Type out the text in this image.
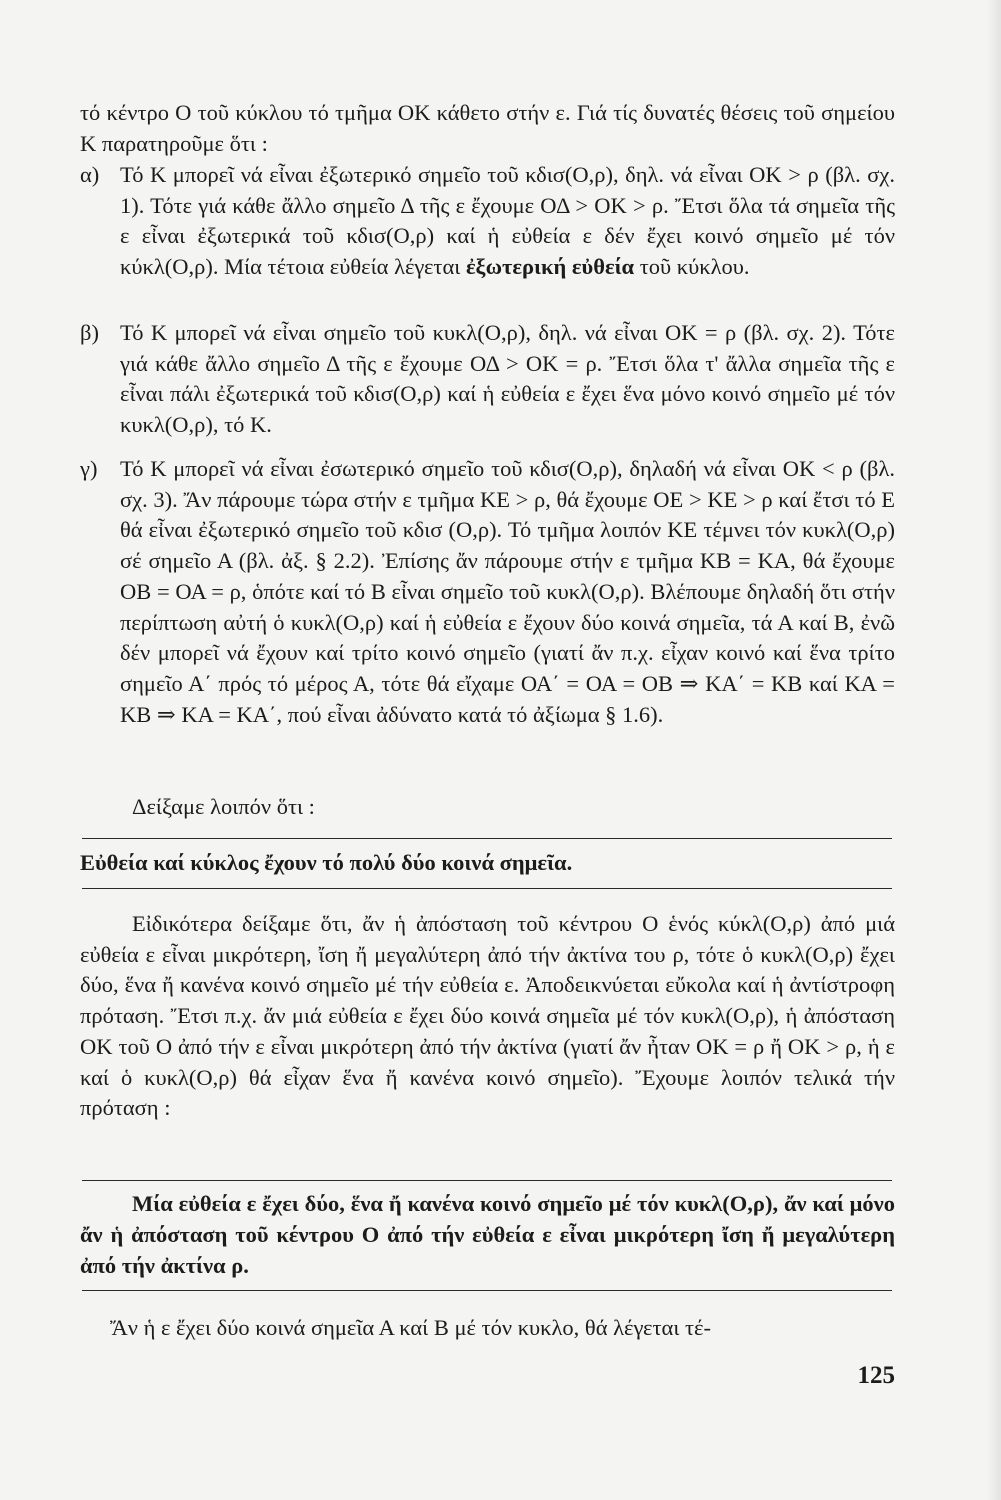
τό κέντρο Ο τοῦ κύκλου τό τμῆμα ΟΚ κάθετο στήν ε. Γιά τίς δυνατές θέσεις τοῦ σημείου Κ παρατηροῦμε ὅτι :

α) Τό Κ μπορεῖ νά εἶναι ἐξωτερικό σημεῖο τοῦ κδισ(Ο,ρ), δηλ. νά εἶναι ΟΚ > ρ (βλ. σχ. 1). Τότε γιά κάθε ἄλλο σημεῖο Δ τῆς ε ἔχουμε ΟΔ > ΟΚ > ρ. Ἔτσι ὅλα τά σημεῖα τῆς ε εἶναι ἐξωτερικά τοῦ κδισ(Ο,ρ) καί ἡ εὐθεία ε δέν ἔχει κοινό σημεῖο μέ τόν κύκλ(Ο,ρ). Μία τέτοια εὐθεία λέγεται ἐξωτερική εὐθεία τοῦ κύκλου.
β) Τό Κ μπορεῖ νά εἶναι σημεῖο τοῦ κυκλ(Ο,ρ), δηλ. νά εἶναι ΟΚ = ρ (βλ. σχ. 2). Τότε γιά κάθε ἄλλο σημεῖο Δ τῆς ε ἔχουμε ΟΔ > ΟΚ = ρ. Ἔτσι ὅλα τ' ἄλλα σημεῖα τῆς ε εἶναι πάλι ἐξωτερικά τοῦ κδισ(Ο,ρ) καί ἡ εὐθεία ε ἔχει ἕνα μόνο κοινό σημεῖο μέ τόν κυκλ(Ο,ρ), τό Κ.
γ)	Τό Κ μπορεῖ νά εἶναι ἐσωτερικό σημεῖο τοῦ κδισ(Ο,ρ), δηλαδή νά εἶναι ΟΚ < ρ (βλ. σχ. 3). Ἄν πάρουμε τώρα στήν ε τμῆμα ΚΕ > ρ, θά ἔχουμε ΟΕ > ΚΕ > ρ καί ἔτσι τό Ε θά εἶναι ἐξωτερικό σημεῖο τοῦ κδισ (Ο,ρ). Τό τμῆμα λοιπόν ΚΕ τέμνει τόν κυκλ(Ο,ρ) σέ σημεῖο Α (βλ. ἀξ. § 2.2). Ἐπίσης ἄν πάρουμε στήν ε τμῆμα ΚΒ = ΚΑ, θά ἔχουμε ΟΒ = ΟΑ = ρ, ὁπότε καί τό Β εἶναι σημεῖο τοῦ κυκλ(Ο,ρ). Βλέπουμε δηλαδή ὅτι στήν περίπτωση αὐτή ὁ κυκλ(Ο,ρ) καί ἡ εὐθεία ε ἔχουν δύο κοινά σημεῖα, τά Α καί Β, ἐνῶ δέν μπορεῖ νά ἔχουν καί τρίτο κοινό σημεῖο (γιατί ἄν π.χ. εἶχαν κοινό καί ἕνα τρίτο σημεῖο Α΄ πρός τό μέρος Α, τότε θά εἴχαμε ΟΑ΄ = ΟΑ = ΟΒ ⇒ ΚΑ΄ = ΚΒ καί ΚΑ = ΚΒ ⇒ ΚΑ = ΚΑ΄, πού εἶναι ἀδύνατο κατά τό ἀξίωμα § 1.6).

Δείξαμε λοιπόν ὅτι :

Εὐθεία καί κύκλος ἔχουν τό πολύ δύο κοινά σημεῖα.

Εἰδικότερα δείξαμε ὅτι, ἄν ἡ ἀπόσταση τοῦ κέντρου Ο ἑνός κύκλ(Ο,ρ) ἀπό μιά εὐθεία ε εἶναι μικρότερη, ἴση ἤ μεγαλύτερη ἀπό τήν ἀκτίνα του ρ, τότε ὁ κυκλ(Ο,ρ) ἔχει δύο, ἕνα ἤ κανένα κοινό σημεῖο μέ τήν εὐθεία ε. Ἀποδεικνύεται εὔκολα καί ἡ ἀντίστροφη πρόταση. Ἔτσι π.χ. ἄν μιά εὐθεία ε ἔχει δύο κοινά σημεῖα μέ τόν κυκλ(Ο,ρ), ἡ ἀπόσταση ΟΚ τοῦ Ο ἀπό τήν ε εἶναι μικρότερη ἀπό τήν ἀκτίνα (γιατί ἄν ἦταν ΟΚ = ρ ἤ ΟΚ > ρ, ἡ ε καί ὁ κυκλ(Ο,ρ) θά εἶχαν ἕνα ἤ κανένα κοινό σημεῖο). Ἔχουμε λοιπόν τελικά τήν πρόταση :

Μία εὐθεία ε ἔχει δύο, ἕνα ἤ κανένα κοινό σημεῖο μέ τόν κυκλ(Ο,ρ), ἄν καί μόνο ἄν ἡ ἀπόσταση τοῦ κέντρου Ο ἀπό τήν εὐθεία ε εἶναι μικρότερη ἴση ἤ μεγαλύτερη ἀπό τήν ἀκτίνα ρ.

Ἄν ἡ ε ἔχει δύο κοινά σημεῖα Α καί Β μέ τόν κυκλο, θά λέγεται τέ-

125
